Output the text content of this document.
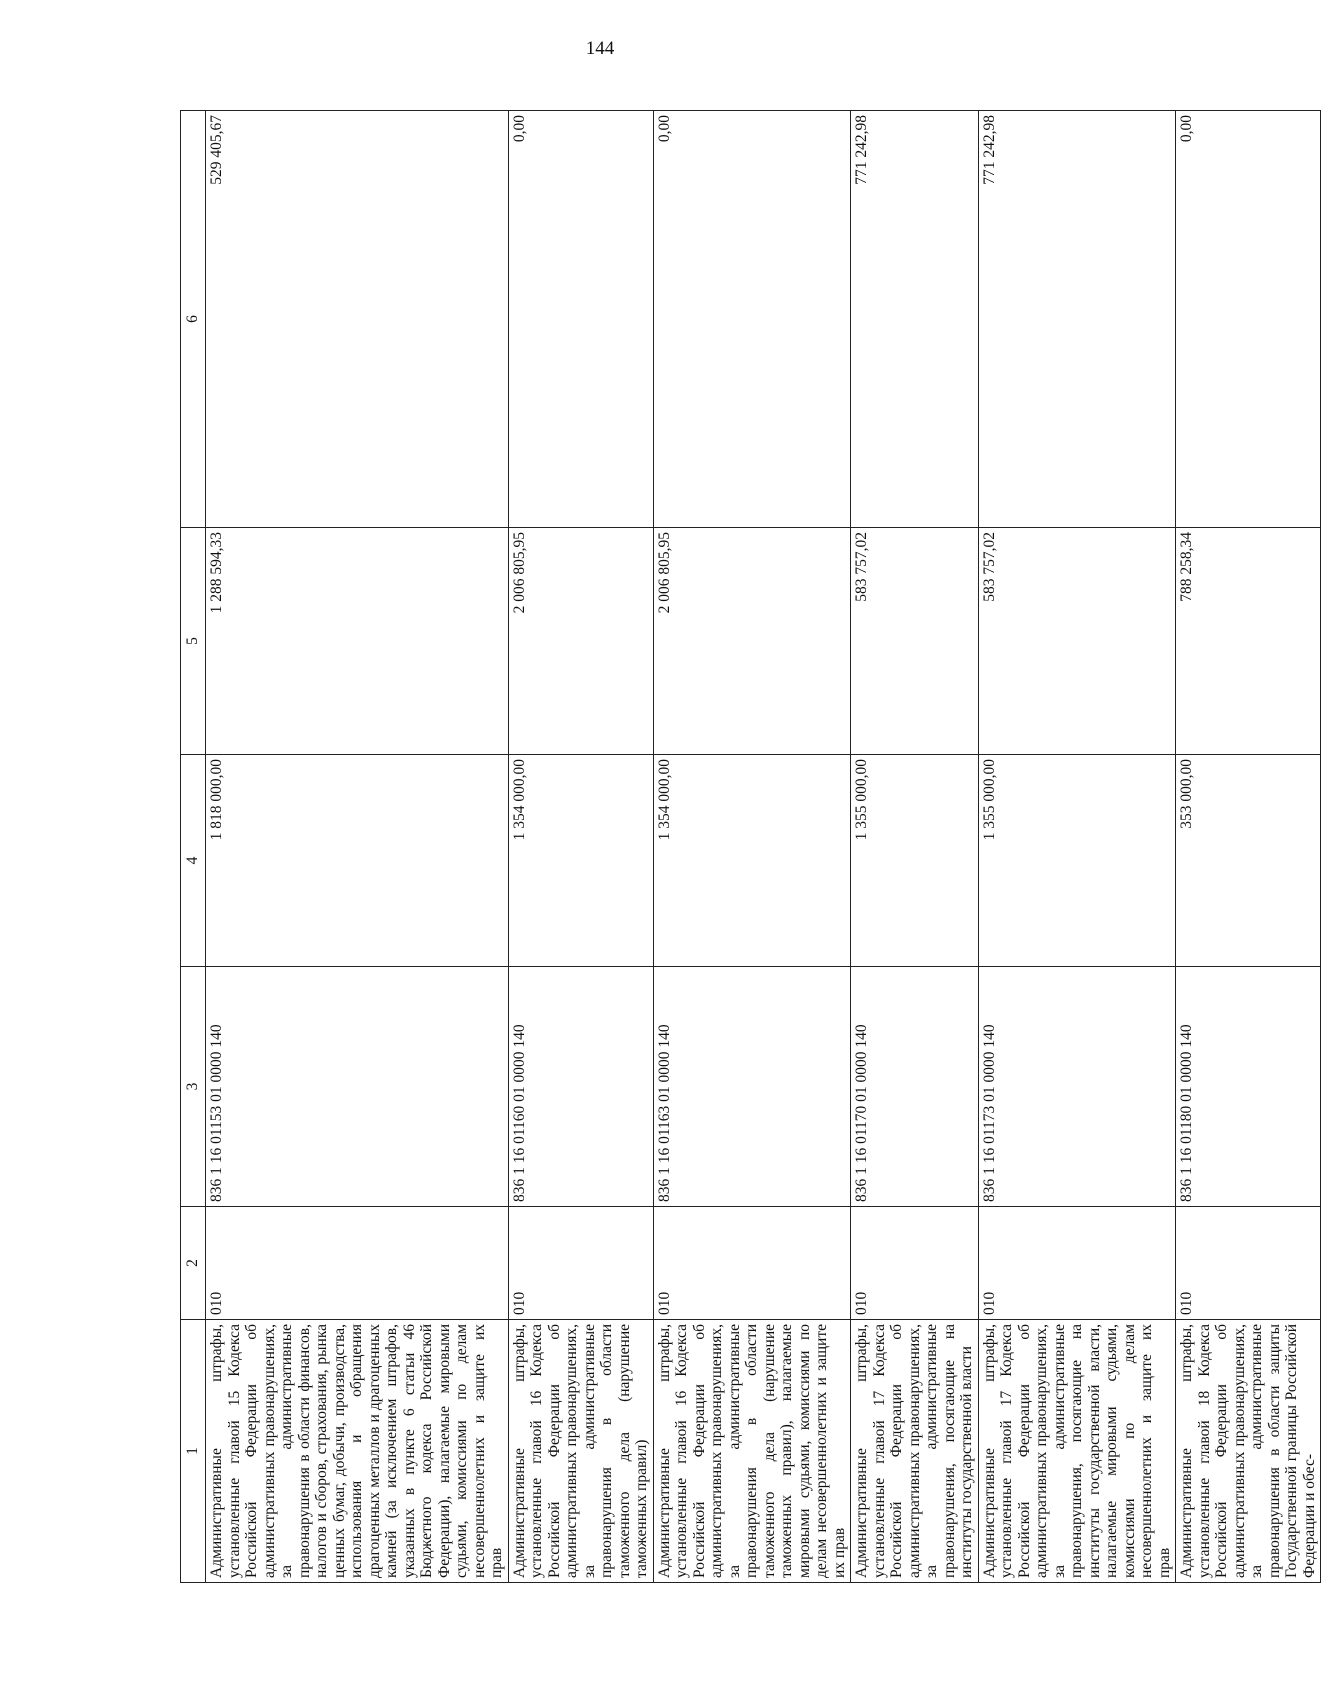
144
1	2	3	4	5	6
Административные штрафы, установленные главой 15 Кодекса Российской Федерации об административных правонарушениях, за административные правонарушения в области финансов, налогов и сборов, страхования, рынка ценных бумаг, добычи, производства, использования и обращения драгоценных металлов и драгоценных камней (за исключением штрафов, указанных в пункте 6 статьи 46 Бюджетного кодекса Российской Федерации), налагаемые мировыми судьями, комиссиями по делам несовершеннолетних и защите их прав	010	836 1 16 01153 01 0000 140	1 818 000,00	1 288 594,33	529 405,67
Административные штрафы, установленные главой 16 Кодекса Российской Федерации об административных правонарушениях, за административные правонарушения в области таможенного дела (нарушение таможенных правил)	010	836 1 16 01160 01 0000 140	1 354 000,00	2 006 805,95	0,00
Административные штрафы, установленные главой 16 Кодекса Российской Федерации об административных правонарушениях, за административные правонарушения в области таможенного дела (нарушение таможенных правил), налагаемые мировыми судьями, комиссиями по делам несовершеннолетних и защите их прав	010	836 1 16 01163 01 0000 140	1 354 000,00	2 006 805,95	0,00
Административные штрафы, установленные главой 17 Кодекса Российской Федерации об административных правонарушениях, за административные правонарушения, посягающие на институты государственной власти	010	836 1 16 01170 01 0000 140	1 355 000,00	583 757,02	771 242,98
Административные штрафы, установленные главой 17 Кодекса Российской Федерации об административных правонарушениях, за административные правонарушения, посягающие на институты государственной власти, налагаемые мировыми судьями, комиссиями по делам несовершеннолетних и защите их прав	010	836 1 16 01173 01 0000 140	1 355 000,00	583 757,02	771 242,98
Административные штрафы, установленные главой 18 Кодекса Российской Федерации об административных правонарушениях, за административные правонарушения в области защиты Государственной границы Российской Федерации и обес-	010	836 1 16 01180 01 0000 140	353 000,00	788 258,34	0,00
